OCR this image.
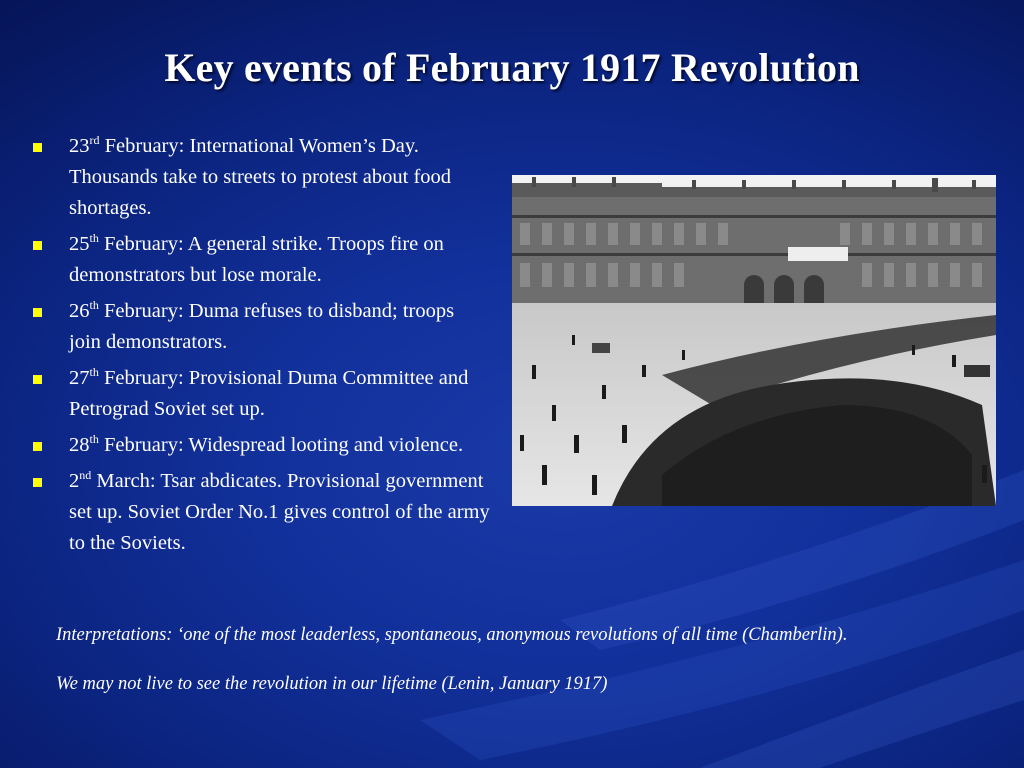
Key events of February 1917 Revolution
23rd February: International Women’s Day. Thousands take to streets to protest about food shortages.
25th February: A general strike. Troops fire on demonstrators but lose morale.
26th February: Duma refuses to disband; troops join demonstrators.
27th February: Provisional Duma Committee and Petrograd Soviet set up.
28th February: Widespread looting and violence.
2nd March: Tsar abdicates. Provisional government set up. Soviet Order No.1 gives control of the army to the Soviets.
Interpretations: ‘one of the most leaderless, spontaneous, anonymous revolutions of all time (Chamberlin).
We may not live to see the revolution in our lifetime (Lenin, January 1917)
